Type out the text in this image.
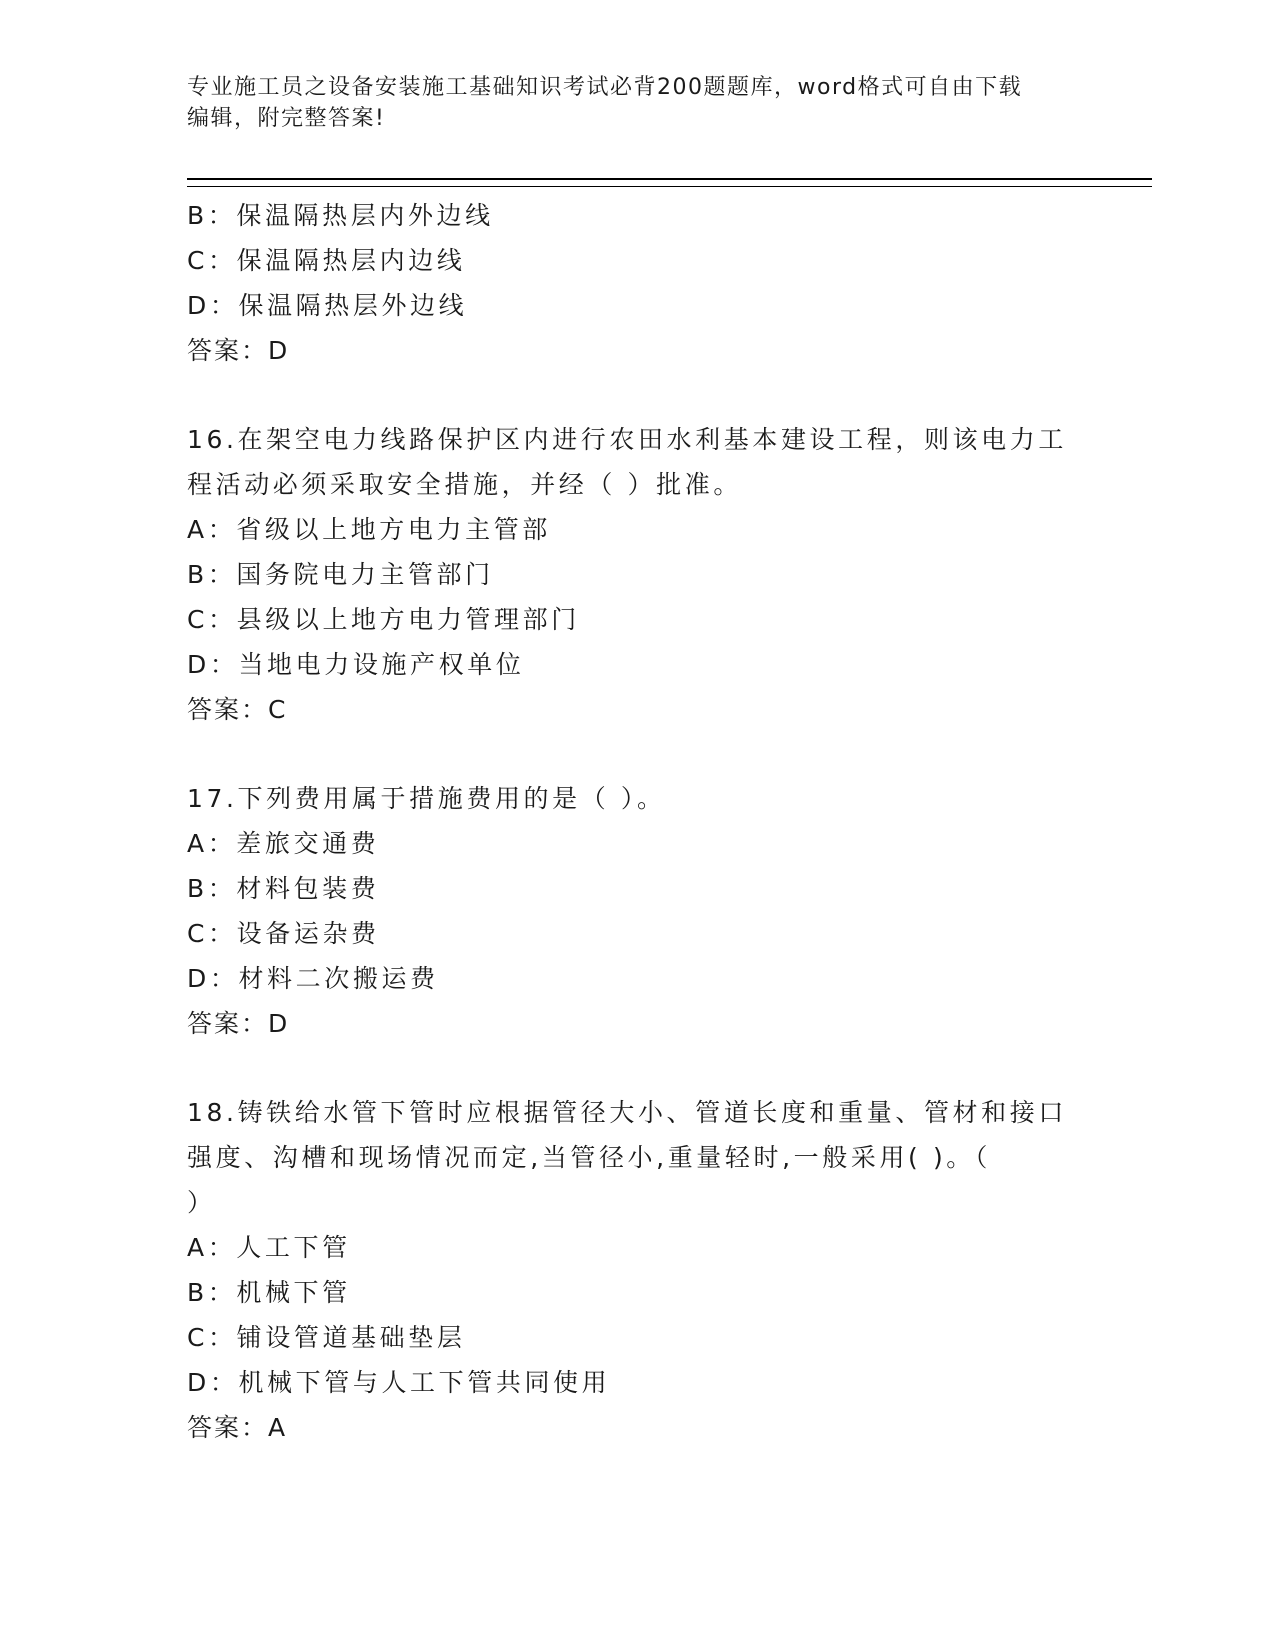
专业施工员之设备安装施工基础知识考试必背200题题库，word格式可自由下载
编辑，附完整答案!
B：保温隔热层内外边线
C：保温隔热层内边线
D：保温隔热层外边线
答案：D
16.在架空电力线路保护区内进行农田水利基本建设工程，则该电力工
程活动必须采取安全措施，并经（ ）批准。
A：省级以上地方电力主管部
B：国务院电力主管部门
C：县级以上地方电力管理部门
D：当地电力设施产权单位
答案：C
17.下列费用属于措施费用的是（ ）。
A：差旅交通费
B：材料包装费
C：设备运杂费
D：材料二次搬运费
答案：D
18.铸铁给水管下管时应根据管径大小、管道长度和重量、管材和接口
强度、沟槽和现场情况而定,当管径小,重量轻时,一般采用( )。（
）
A：人工下管
B：机械下管
C：铺设管道基础垫层
D：机械下管与人工下管共同使用
答案：A
